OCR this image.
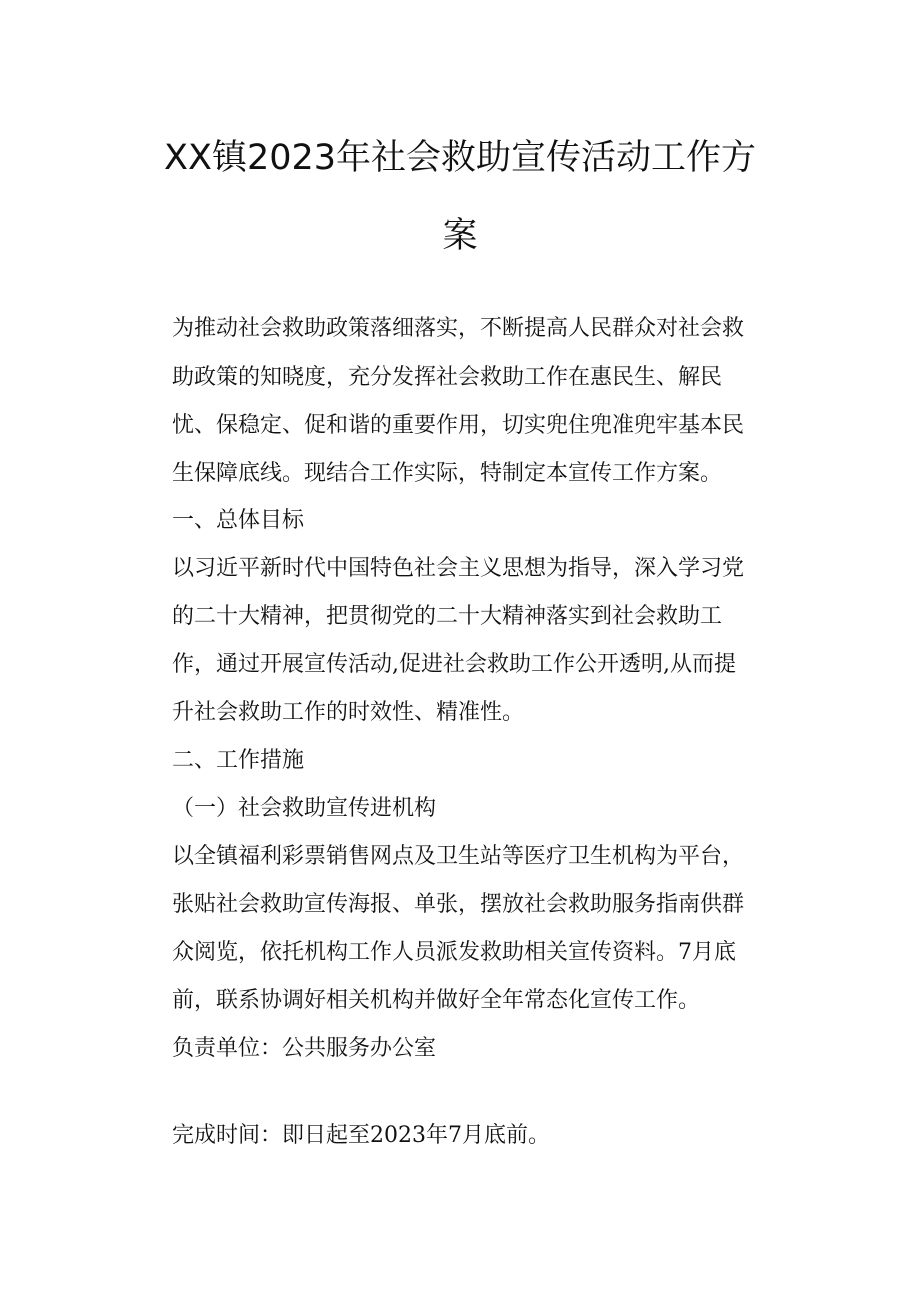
XX镇2023年社会救助宣传活动工作方
案

为推动社会救助政策落细落实，不断提高人民群众对社会救

助政策的知晓度，充分发挥社会救助工作在惠民生、解民

忧、保稳定、促和谐的重要作用，切实兜住兜准兜牢基本民

生保障底线。现结合工作实际，特制定本宣传工作方案。

一、总体目标

以习近平新时代中国特色社会主义思想为指导，深入学习党

的二十大精神，把贯彻党的二十大精神落实到社会救助工

作，通过开展宣传活动,促进社会救助工作公开透明,从而提

升社会救助工作的时效性、精准性。

二、工作措施

（一）社会救助宣传进机构

以全镇福利彩票销售网点及卫生站等医疗卫生机构为平台，

张贴社会救助宣传海报、单张，摆放社会救助服务指南供群

众阅览，依托机构工作人员派发救助相关宣传资料。7月底

前，联系协调好相关机构并做好全年常态化宣传工作。

负责单位：公共服务办公室

完成时间：即日起至2023年7月底前。
